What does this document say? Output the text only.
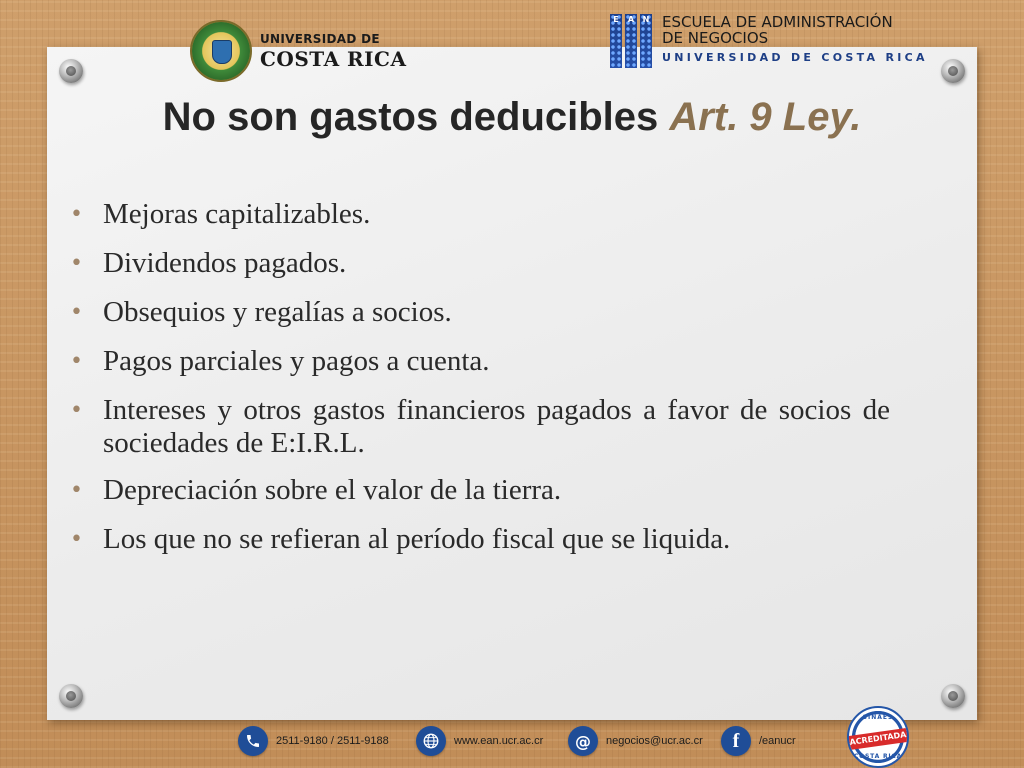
UNIVERSIDAD DE
COSTA RICA
E	A	N ESCUELA DE ADMINISTRACIÓN
DE NEGOCIOS
UNIVERSIDAD DE COSTA RICA
No son gastos deducibles Art. 9 Ley.
• Mejoras capitalizables.
• Dividendos pagados.
• Obsequios y regalías a socios.
• Pagos parciales y pagos a cuenta.
• Intereses y otros gastos financieros pagados a favor de socios de sociedades de E:I.R.L.
• Depreciación sobre el valor de la tierra.
• Los que no se refieran al período fiscal que se liquida.
2511-9180 / 2511-9188	www.ean.ucr.ac.cr	@	negocios@ucr.ac.cr	f	/eanucr
SINAES
ACREDITADA
COSTA RICA
